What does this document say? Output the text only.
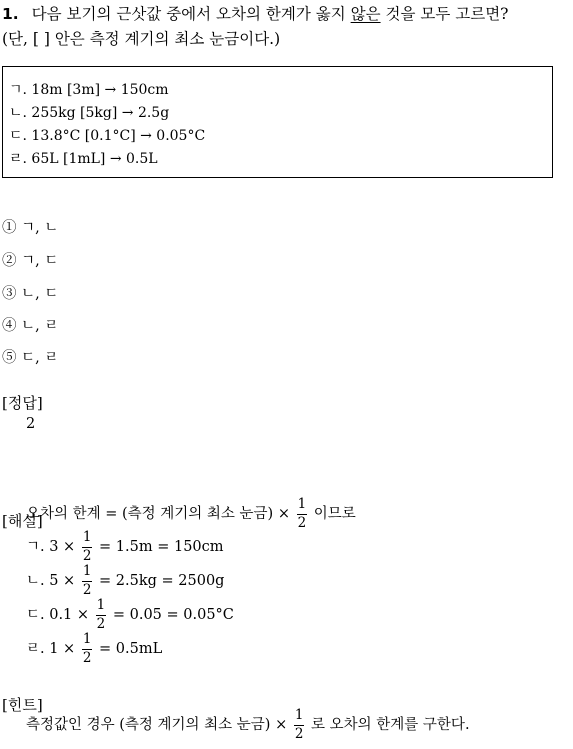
1. 다음 보기의 근삿값 중에서 오차의 한계가 옳지 않은 것을 모두 고르면?
(단, [ ] 안은 측정 계기의 최소 눈금이다.)
ㄱ. 18m [3m] → 150cm
ㄴ. 255kg [5kg] → 2.5g
ㄷ. 13.8°C [0.1°C] → 0.05°C
ㄹ. 65L [1mL] → 0.5L
① ㄱ, ㄴ
② ㄱ, ㄷ
③ ㄴ, ㄷ
④ ㄴ, ㄹ
⑤ ㄷ, ㄹ
[정답]
2
[해설]
오차의 한계 = (측정 계기의 최소 눈금) × $\frac{1}{2}$ 이므로
ㄱ. $3 \times \frac{1}{2} = 1.5m = 150cm$
ㄴ. $5 \times \frac{1}{2} = 2.5kg = 2500g$
ㄷ. $0.1 \times \frac{1}{2} = 0.05 = 0.05^\circ C$
ㄹ. $1 \times \frac{1}{2} = 0.5mL$
[힌트]
측정값인 경우 (측정 계기의 최소 눈금) × $\frac{1}{2}$ 로 오차의 한계를 구한다.
